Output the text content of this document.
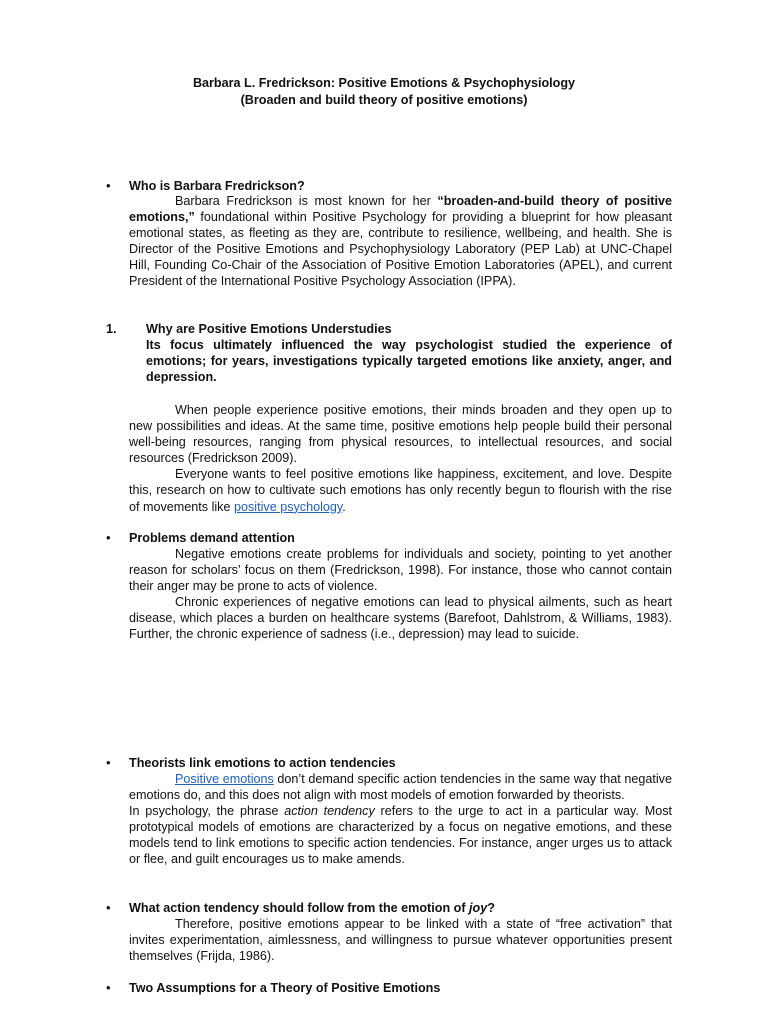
Barbara L. Fredrickson: Positive Emotions & Psychophysiology
(Broaden and build theory of positive emotions)
• Who is Barbara Fredrickson?

Barbara Fredrickson is most known for her “broaden-and-build theory of positive emotions,” foundational within Positive Psychology for providing a blueprint for how pleasant emotional states, as fleeting as they are, contribute to resilience, wellbeing, and health. She is Director of the Positive Emotions and Psychophysiology Laboratory (PEP Lab) at UNC-Chapel Hill, Founding Co-Chair of the Association of Positive Emotion Laboratories (APEL), and current President of the International Positive Psychology Association (IPPA).

1. Why are Positive Emotions Understudies
Its focus ultimately influenced the way psychologist studied the experience of emotions; for years, investigations typically targeted emotions like anxiety, anger, and depression.

When people experience positive emotions, their minds broaden and they open up to new possibilities and ideas. At the same time, positive emotions help people build their personal well-being resources, ranging from physical resources, to intellectual resources, and social resources (Fredrickson 2009).

Everyone wants to feel positive emotions like happiness, excitement, and love. Despite this, research on how to cultivate such emotions has only recently begun to flourish with the rise of movements like positive psychology.

• Problems demand attention

Negative emotions create problems for individuals and society, pointing to yet another reason for scholars’ focus on them (Fredrickson, 1998). For instance, those who cannot contain their anger may be prone to acts of violence.

Chronic experiences of negative emotions can lead to physical ailments, such as heart disease, which places a burden on healthcare systems (Barefoot, Dahlstrom, & Williams, 1983). Further, the chronic experience of sadness (i.e., depression) may lead to suicide.

• Theorists link emotions to action tendencies

Positive emotions don’t demand specific action tendencies in the same way that negative emotions do, and this does not align with most models of emotion forwarded by theorists.

In psychology, the phrase action tendency refers to the urge to act in a particular way. Most prototypical models of emotions are characterized by a focus on negative emotions, and these models tend to link emotions to specific action tendencies. For instance, anger urges us to attack or flee, and guilt encourages us to make amends.

• What action tendency should follow from the emotion of joy?

Therefore, positive emotions appear to be linked with a state of “free activation” that invites experimentation, aimlessness, and willingness to pursue whatever opportunities present themselves (Frijda, 1986).

• Two Assumptions for a Theory of Positive Emotions
